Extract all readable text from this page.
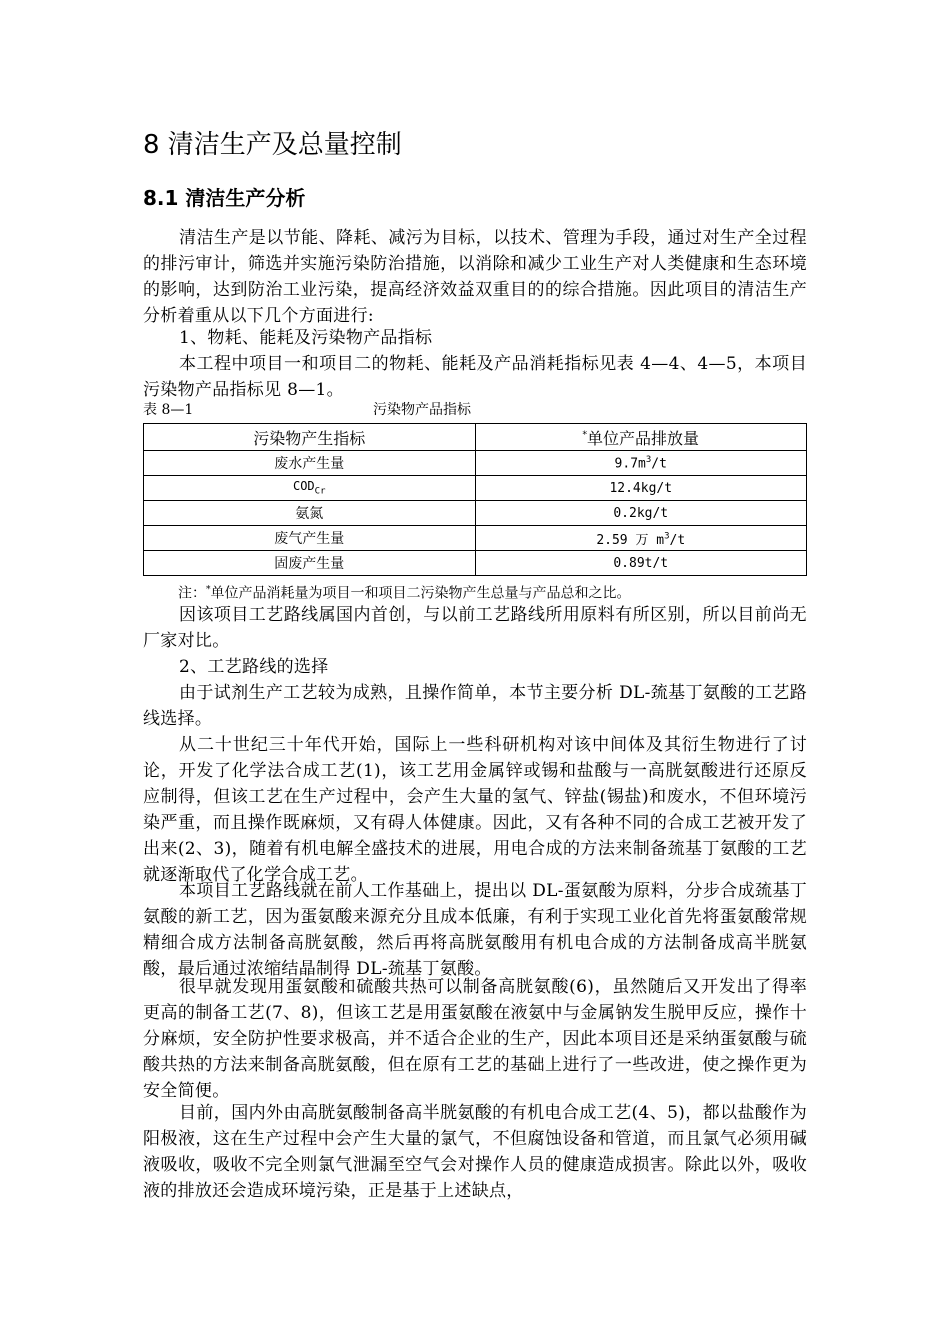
8 清洁生产及总量控制
8.1 清洁生产分析

清洁生产是以节能、降耗、减污为目标，以技术、管理为手段，通过对生产全过程的排污审计，筛选并实施污染防治措施，以消除和减少工业生产对人类健康和生态环境的影响，达到防治工业污染，提高经济效益双重目的的综合措施。因此项目的清洁生产分析着重从以下几个方面进行:

1、物耗、能耗及污染物产品指标

本工程中项目一和项目二的物耗、能耗及产品消耗指标见表 4—4、4—5，本项目污染物产品指标见 8—1。

表 8—1	污染物产品指标
污染物产生指标	*单位产品排放量
废水产生量	$9.7m^3/t$
$COD_{Cr}$	12.4kg/t
氨氮	0.2kg/t
废气产生量	2.59 万 $m^3/t$
固废产生量	0.89t/t
注：*单位产品消耗量为项目一和项目二污染物产生总量与产品总和之比。

因该项目工艺路线属国内首创，与以前工艺路线所用原料有所区别，所以目前尚无厂家对比。

2、工艺路线的选择

由于试剂生产工艺较为成熟，且操作简单，本节主要分析 DL-巯基丁氨酸的工艺路线选择。

从二十世纪三十年代开始，国际上一些科研机构对该中间体及其衍生物进行了讨论，开发了化学法合成工艺(1)，该工艺用金属锌或锡和盐酸与一高胱氨酸进行还原反应制得，但该工艺在生产过程中，会产生大量的氢气、锌盐(锡盐)和废水，不但环境污染严重，而且操作既麻烦，又有碍人体健康。因此，又有各种不同的合成工艺被开发了出来(2、3)，随着有机电解全盛技术的进展，用电合成的方法来制备巯基丁氨酸的工艺就逐渐取代了化学合成工艺。

本项目工艺路线就在前人工作基础上，提出以 DL-蛋氨酸为原料，分步合成巯基丁氨酸的新工艺，因为蛋氨酸来源充分且成本低廉，有利于实现工业化首先将蛋氨酸常规精细合成方法制备高胱氨酸，然后再将高胱氨酸用有机电合成的方法制备成高半胱氨酸，最后通过浓缩结晶制得 DL-巯基丁氨酸。

很早就发现用蛋氨酸和硫酸共热可以制备高胱氨酸(6)，虽然随后又开发出了得率更高的制备工艺(7、8)，但该工艺是用蛋氨酸在液氨中与金属钠发生脱甲反应，操作十分麻烦，安全防护性要求极高，并不适合企业的生产，因此本项目还是采纳蛋氨酸与硫酸共热的方法来制备高胱氨酸，但在原有工艺的基础上进行了一些改进，使之操作更为安全简便。

目前，国内外由高胱氨酸制备高半胱氨酸的有机电合成工艺(4、5)，都以盐酸作为阳极液，这在生产过程中会产生大量的氯气，不但腐蚀设备和管道，而且氯气必须用碱液吸收，吸收不完全则氯气泄漏至空气会对操作人员的健康造成损害。除此以外，吸收液的排放还会造成环境污染，正是基于上述缺点，
